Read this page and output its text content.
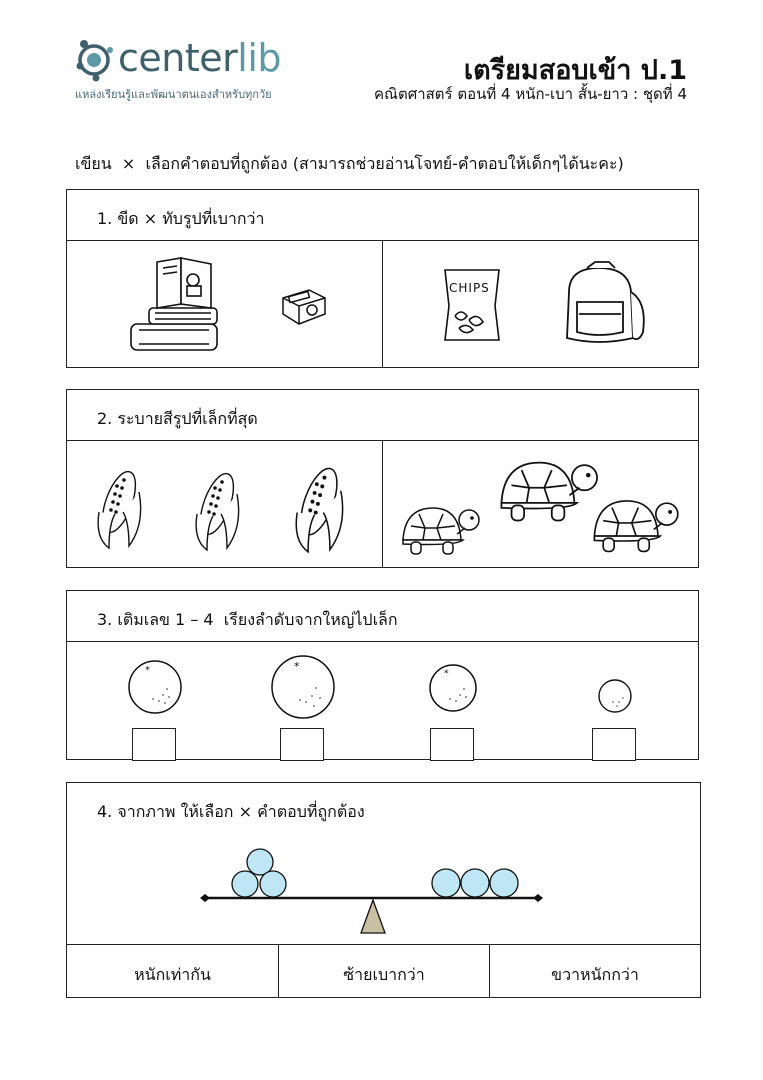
centerlib
แหล่งเรียนรู้และพัฒนาตนเองสำหรับทุกวัย
เตรียมสอบเข้า ป.1
คณิตศาสตร์ ตอนที่ 4 หนัก-เบา สั้น-ยาว : ชุดที่ 4
เขียน  ×  เลือกคำตอบที่ถูกต้อง (สามารถช่วยอ่านโจทย์-คำตอบให้เด็กๆได้นะคะ)
1. ขีด × ทับรูปที่เบากว่า
CHIPS
2. ระบายสีรูปที่เล็กที่สุด
3. เติมเลข 1 – 4  เรียงลำดับจากใหญ่ไปเล็ก
*	*
*
4. จากภาพ ให้เลือก × คำตอบที่ถูกต้อง
หนักเท่ากัน	ซ้ายเบากว่า	ขวาหนักกว่า
